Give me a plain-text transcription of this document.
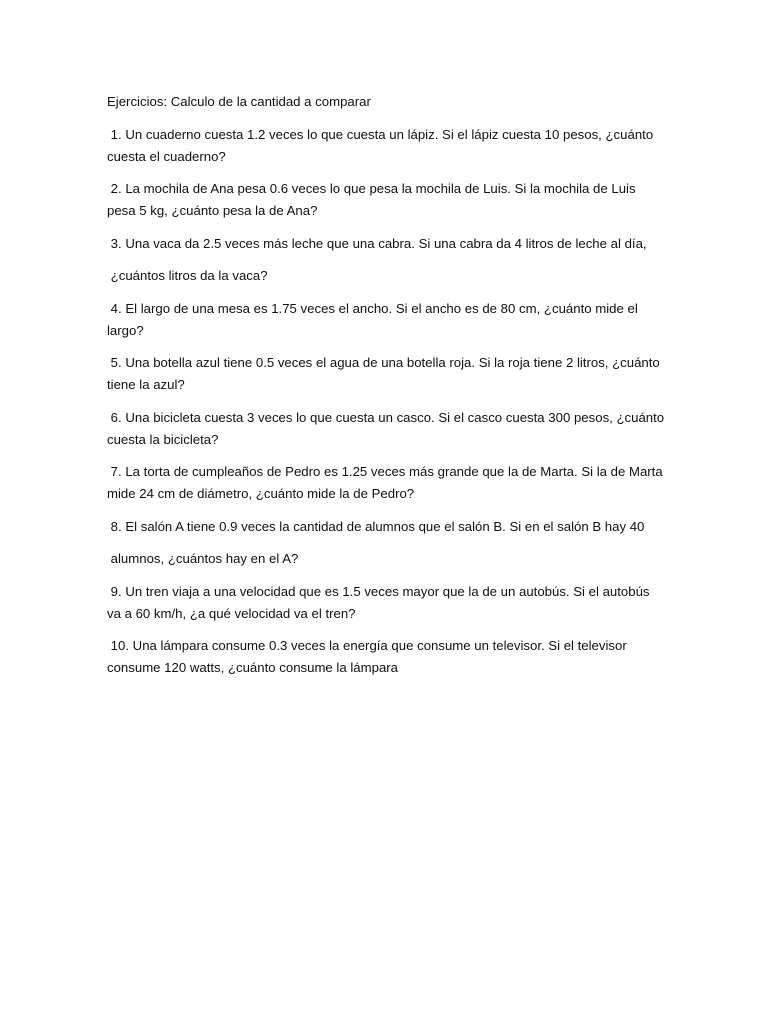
Ejercicios: Calculo de la cantidad a comparar

1. Un cuaderno cuesta 1.2 veces lo que cuesta un lápiz. Si el lápiz cuesta 10 pesos, ¿cuánto cuesta el cuaderno?

2. La mochila de Ana pesa 0.6 veces lo que pesa la mochila de Luis. Si la mochila de Luis pesa 5 kg, ¿cuánto pesa la de Ana?

3. Una vaca da 2.5 veces más leche que una cabra. Si una cabra da 4 litros de leche al día,

¿cuántos litros da la vaca?

4. El largo de una mesa es 1.75 veces el ancho. Si el ancho es de 80 cm, ¿cuánto mide el largo?

5. Una botella azul tiene 0.5 veces el agua de una botella roja. Si la roja tiene 2 litros, ¿cuánto tiene la azul?

6. Una bicicleta cuesta 3 veces lo que cuesta un casco. Si el casco cuesta 300 pesos, ¿cuánto cuesta la bicicleta?

7. La torta de cumpleaños de Pedro es 1.25 veces más grande que la de Marta. Si la de Marta mide 24 cm de diámetro, ¿cuánto mide la de Pedro?

8. El salón A tiene 0.9 veces la cantidad de alumnos que el salón B. Si en el salón B hay 40

alumnos, ¿cuántos hay en el A?

9. Un tren viaja a una velocidad que es 1.5 veces mayor que la de un autobús. Si el autobús va a 60 km/h, ¿a qué velocidad va el tren?

10. Una lámpara consume 0.3 veces la energía que consume un televisor. Si el televisor consume 120 watts, ¿cuánto consume la lámpara
